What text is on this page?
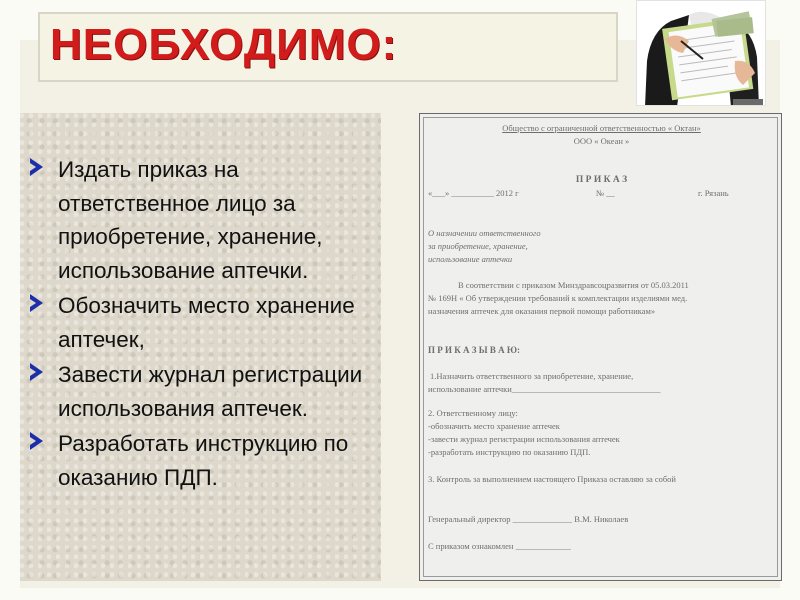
НЕОБХОДИМО:
Издать приказ на ответственное лицо за приобретение, хранение, использование аптечки.
Обозначить место хранение аптечек,
Завести журнал регистрации использования аптечек.
Разработать инструкцию по оказанию ПДП.
Общество с ограниченной ответственностью « Октан»
ООО « Океан »
П Р И К А З
«___» __________ 2012 г	№ __	г. Рязань
О назначении ответственного
за приобретение, хранение,
использование аптечки
В соответствии с приказом Минздравсоцразвития от 05.03.2011
№ 169Н « Об утверждении требований к комплектации изделиями мед.
назначения аптечек для оказания первой помощи работникам»
П Р И К А З Ы В А Ю:
1.Назначить ответственного за приобретение, хранение,
использование аптечки___________________________________
2. Ответственному лицу:
-обозначить место хранение аптечек
-завести журнал регистрации использования аптечек
-разработать инструкцию по оказанию ПДП.
3. Контроль за выполнением настоящего Приказа оставляю за собой
Генеральный директор ______________ В.М. Николаев
С приказом ознакомлен _____________
